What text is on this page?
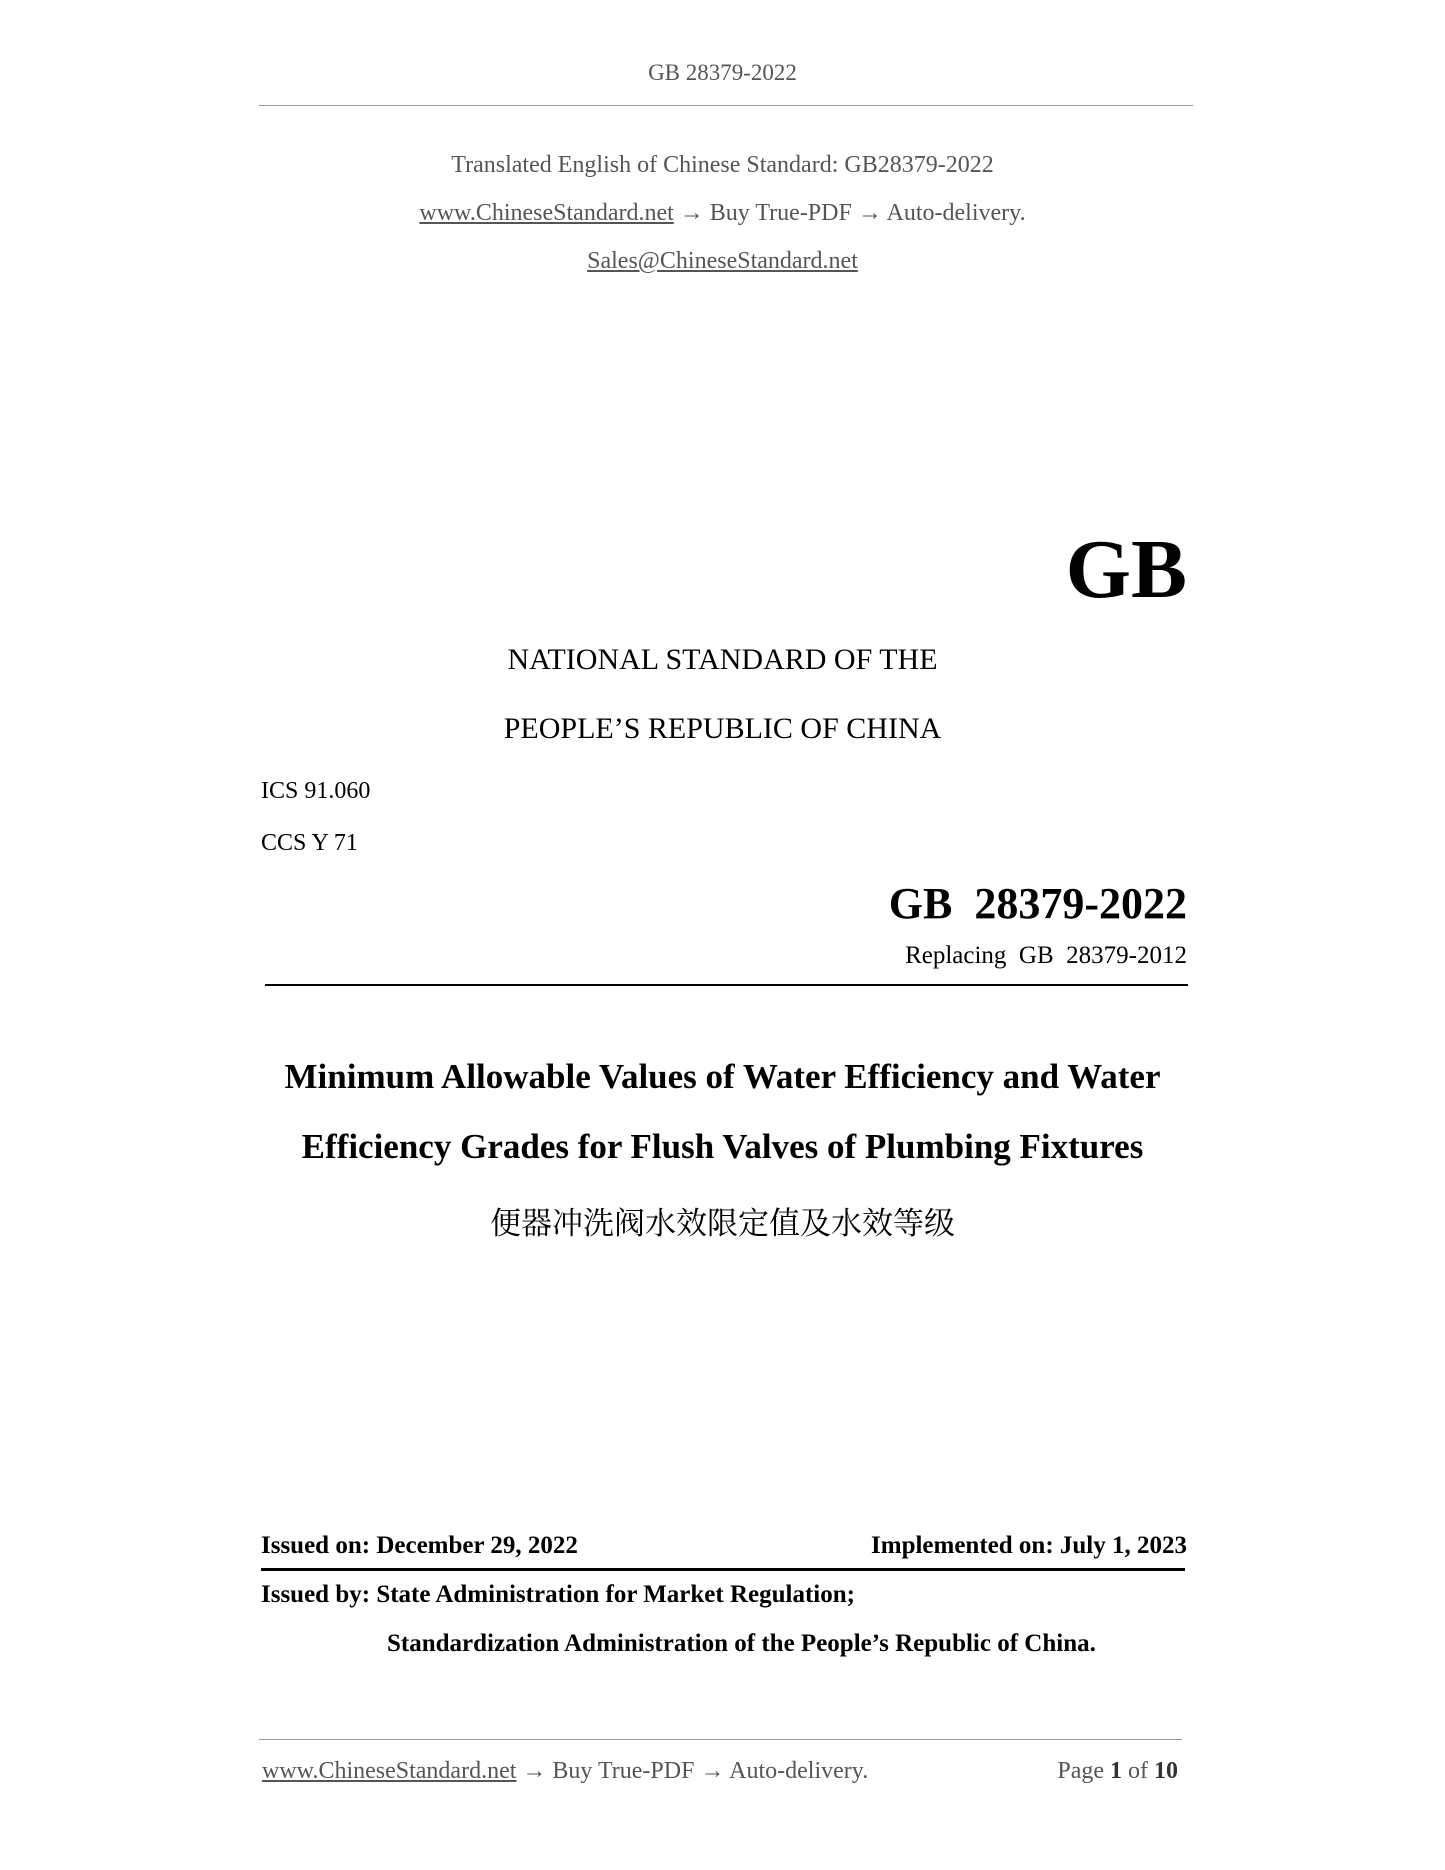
GB 28379-2022
Translated English of Chinese Standard: GB28379-2022
www.ChineseStandard.net → Buy True-PDF → Auto-delivery.
Sales@ChineseStandard.net
GB
NATIONAL STANDARD OF THE
PEOPLE’S REPUBLIC OF CHINA
ICS 91.060
CCS Y 71
GB  28379-2022
Replacing  GB  28379-2012
Minimum Allowable Values of Water Efficiency and Water
Efficiency Grades for Flush Valves of Plumbing Fixtures
便器冲洗阀水效限定值及水效等级
Issued on: December 29, 2022	Implemented on: July 1, 2023
Issued by: State Administration for Market Regulation;
Standardization Administration of the People’s Republic of China.
www.ChineseStandard.net → Buy True-PDF → Auto-delivery.	Page 1 of 10
